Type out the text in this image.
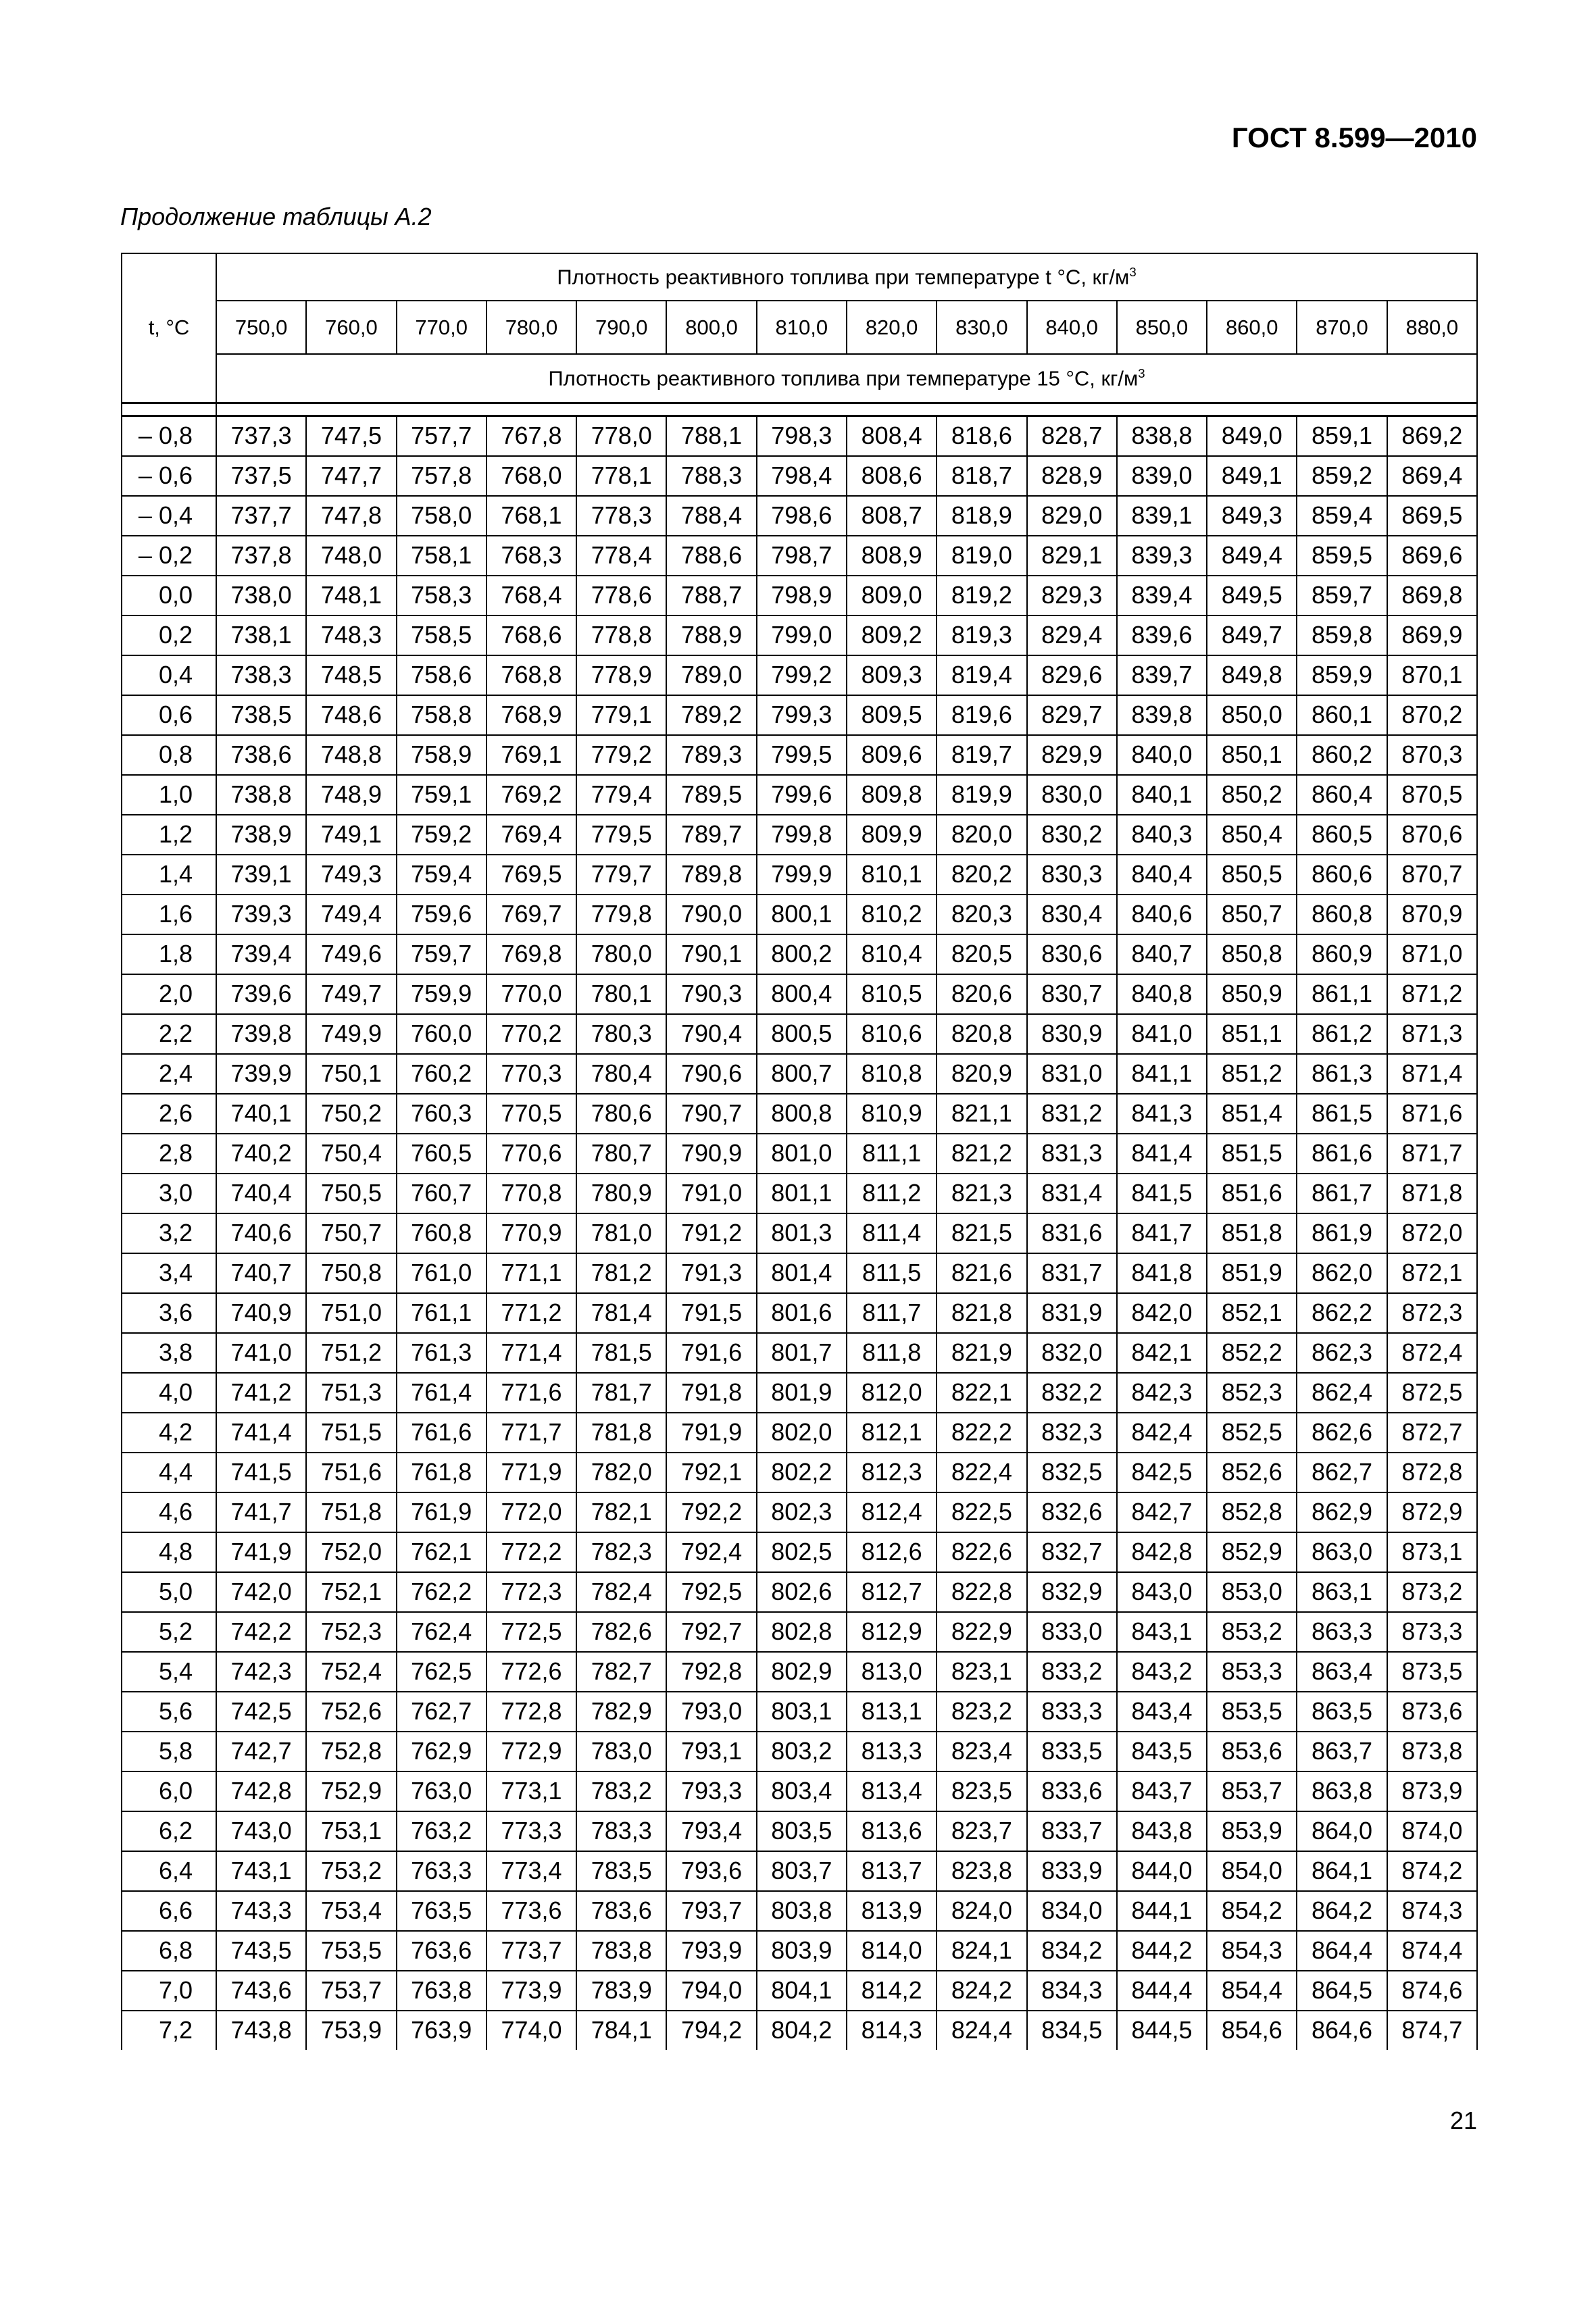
ГОСТ 8.599—2010
Продолжение таблицы А.2
t, °C	Плотность реактивного топлива при температуре t °C, $кг/м^3$
	750,0	760,0	770,0	780,0	790,0	800,0	810,0	820,0	830,0	840,0	850,0	860,0	870,0	880,0
	Плотность реактивного топлива при температуре 15 °C, $кг/м^3$

– 0,8	737,3	747,5	757,7	767,8	778,0	788,1	798,3	808,4	818,6	828,7	838,8	849,0	859,1	869,2
– 0,6	737,5	747,7	757,8	768,0	778,1	788,3	798,4	808,6	818,7	828,9	839,0	849,1	859,2	869,4
– 0,4	737,7	747,8	758,0	768,1	778,3	788,4	798,6	808,7	818,9	829,0	839,1	849,3	859,4	869,5
– 0,2	737,8	748,0	758,1	768,3	778,4	788,6	798,7	808,9	819,0	829,1	839,3	849,4	859,5	869,6
0,0	738,0	748,1	758,3	768,4	778,6	788,7	798,9	809,0	819,2	829,3	839,4	849,5	859,7	869,8
0,2	738,1	748,3	758,5	768,6	778,8	788,9	799,0	809,2	819,3	829,4	839,6	849,7	859,8	869,9
0,4	738,3	748,5	758,6	768,8	778,9	789,0	799,2	809,3	819,4	829,6	839,7	849,8	859,9	870,1
0,6	738,5	748,6	758,8	768,9	779,1	789,2	799,3	809,5	819,6	829,7	839,8	850,0	860,1	870,2
0,8	738,6	748,8	758,9	769,1	779,2	789,3	799,5	809,6	819,7	829,9	840,0	850,1	860,2	870,3
1,0	738,8	748,9	759,1	769,2	779,4	789,5	799,6	809,8	819,9	830,0	840,1	850,2	860,4	870,5
1,2	738,9	749,1	759,2	769,4	779,5	789,7	799,8	809,9	820,0	830,2	840,3	850,4	860,5	870,6
1,4	739,1	749,3	759,4	769,5	779,7	789,8	799,9	810,1	820,2	830,3	840,4	850,5	860,6	870,7
1,6	739,3	749,4	759,6	769,7	779,8	790,0	800,1	810,2	820,3	830,4	840,6	850,7	860,8	870,9
1,8	739,4	749,6	759,7	769,8	780,0	790,1	800,2	810,4	820,5	830,6	840,7	850,8	860,9	871,0
2,0	739,6	749,7	759,9	770,0	780,1	790,3	800,4	810,5	820,6	830,7	840,8	850,9	861,1	871,2
2,2	739,8	749,9	760,0	770,2	780,3	790,4	800,5	810,6	820,8	830,9	841,0	851,1	861,2	871,3
2,4	739,9	750,1	760,2	770,3	780,4	790,6	800,7	810,8	820,9	831,0	841,1	851,2	861,3	871,4
2,6	740,1	750,2	760,3	770,5	780,6	790,7	800,8	810,9	821,1	831,2	841,3	851,4	861,5	871,6
2,8	740,2	750,4	760,5	770,6	780,7	790,9	801,0	811,1	821,2	831,3	841,4	851,5	861,6	871,7
3,0	740,4	750,5	760,7	770,8	780,9	791,0	801,1	811,2	821,3	831,4	841,5	851,6	861,7	871,8
3,2	740,6	750,7	760,8	770,9	781,0	791,2	801,3	811,4	821,5	831,6	841,7	851,8	861,9	872,0
3,4	740,7	750,8	761,0	771,1	781,2	791,3	801,4	811,5	821,6	831,7	841,8	851,9	862,0	872,1
3,6	740,9	751,0	761,1	771,2	781,4	791,5	801,6	811,7	821,8	831,9	842,0	852,1	862,2	872,3
3,8	741,0	751,2	761,3	771,4	781,5	791,6	801,7	811,8	821,9	832,0	842,1	852,2	862,3	872,4
4,0	741,2	751,3	761,4	771,6	781,7	791,8	801,9	812,0	822,1	832,2	842,3	852,3	862,4	872,5
4,2	741,4	751,5	761,6	771,7	781,8	791,9	802,0	812,1	822,2	832,3	842,4	852,5	862,6	872,7
4,4	741,5	751,6	761,8	771,9	782,0	792,1	802,2	812,3	822,4	832,5	842,5	852,6	862,7	872,8
4,6	741,7	751,8	761,9	772,0	782,1	792,2	802,3	812,4	822,5	832,6	842,7	852,8	862,9	872,9
4,8	741,9	752,0	762,1	772,2	782,3	792,4	802,5	812,6	822,6	832,7	842,8	852,9	863,0	873,1
5,0	742,0	752,1	762,2	772,3	782,4	792,5	802,6	812,7	822,8	832,9	843,0	853,0	863,1	873,2
5,2	742,2	752,3	762,4	772,5	782,6	792,7	802,8	812,9	822,9	833,0	843,1	853,2	863,3	873,3
5,4	742,3	752,4	762,5	772,6	782,7	792,8	802,9	813,0	823,1	833,2	843,2	853,3	863,4	873,5
5,6	742,5	752,6	762,7	772,8	782,9	793,0	803,1	813,1	823,2	833,3	843,4	853,5	863,5	873,6
5,8	742,7	752,8	762,9	772,9	783,0	793,1	803,2	813,3	823,4	833,5	843,5	853,6	863,7	873,8
6,0	742,8	752,9	763,0	773,1	783,2	793,3	803,4	813,4	823,5	833,6	843,7	853,7	863,8	873,9
6,2	743,0	753,1	763,2	773,3	783,3	793,4	803,5	813,6	823,7	833,7	843,8	853,9	864,0	874,0
6,4	743,1	753,2	763,3	773,4	783,5	793,6	803,7	813,7	823,8	833,9	844,0	854,0	864,1	874,2
6,6	743,3	753,4	763,5	773,6	783,6	793,7	803,8	813,9	824,0	834,0	844,1	854,2	864,2	874,3
6,8	743,5	753,5	763,6	773,7	783,8	793,9	803,9	814,0	824,1	834,2	844,2	854,3	864,4	874,4
7,0	743,6	753,7	763,8	773,9	783,9	794,0	804,1	814,2	824,2	834,3	844,4	854,4	864,5	874,6
7,2	743,8	753,9	763,9	774,0	784,1	794,2	804,2	814,3	824,4	834,5	844,5	854,6	864,6	874,7
21
